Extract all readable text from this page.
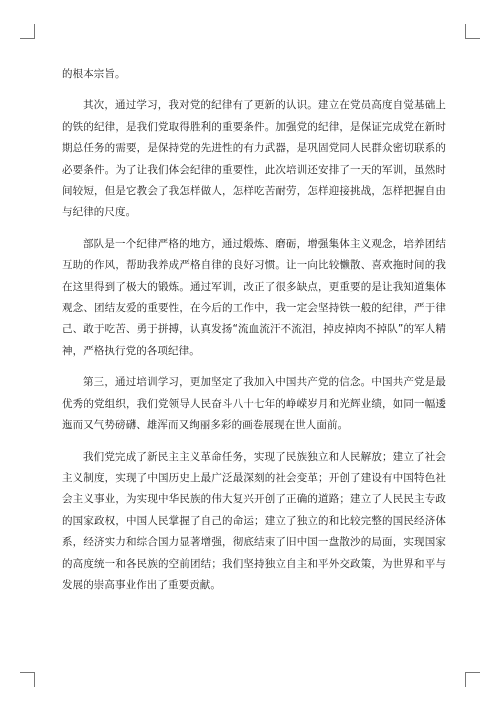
的根本宗旨。

其次，通过学习，我对党的纪律有了更新的认识。建立在党员高度自觉基础上的铁的纪律，是我们党取得胜利的重要条件。加强党的纪律，是保证完成党在新时期总任务的需要，是保持党的先进性的有力武器，是巩固党同人民群众密切联系的必要条件。为了让我们体会纪律的重要性，此次培训还安排了一天的军训，虽然时间较短，但是它教会了我怎样做人，怎样吃苦耐劳，怎样迎接挑战，怎样把握自由与纪律的尺度。

部队是一个纪律严格的地方，通过煅炼、磨砺，增强集体主义观念，培养团结互助的作风，帮助我养成严格自律的良好习惯。让一向比较懒散、喜欢拖时间的我在这里得到了极大的锻炼。通过军训，改正了很多缺点，更重要的是让我知道集体观念、团结友爱的重要性，在今后的工作中，我一定会坚持铁一般的纪律，严于律己、敢于吃苦、勇于拼搏，认真发扬“流血流汗不流泪，掉皮掉肉不掉队”的军人精神，严格执行党的各项纪律。

第三，通过培训学习，更加坚定了我加入中国共产党的信念。中国共产党是最优秀的党组织，我们党领导人民奋斗八十七年的峥嵘岁月和光辉业绩，如同一幅逶迤而又气势磅礴、雄浑而又绚丽多彩的画卷展现在世人面前。

我们党完成了新民主主义革命任务，实现了民族独立和人民解放；建立了社会主义制度，实现了中国历史上最广泛最深刻的社会变革；开创了建设有中国特色社会主义事业，为实现中华民族的伟大复兴开创了正确的道路；建立了人民民主专政的国家政权，中国人民掌握了自己的命运；建立了独立的和比较完整的国民经济体系，经济实力和综合国力显著增强，彻底结束了旧中国一盘散沙的局面，实现国家的高度统一和各民族的空前团结；我们坚持独立自主和平外交政策，为世界和平与发展的崇高事业作出了重要贡献。
